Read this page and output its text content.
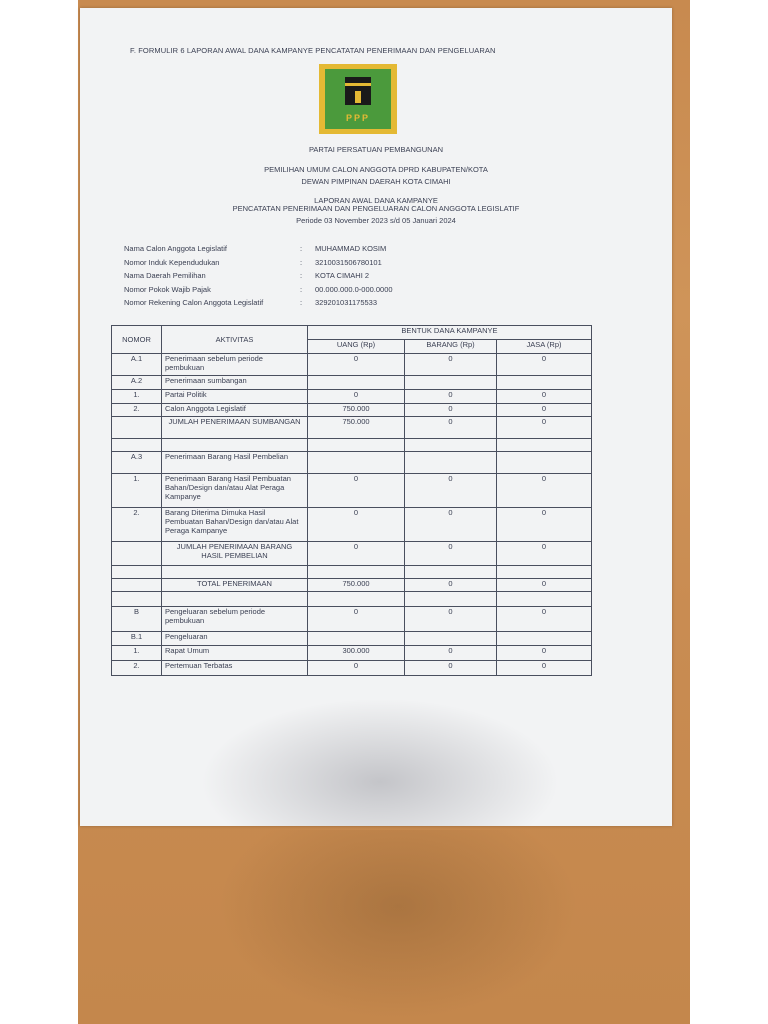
F. FORMULIR 6 LAPORAN AWAL DANA KAMPANYE PENCATATAN PENERIMAAN DAN PENGELUARAN
PPP
PARTAI PERSATUAN PEMBANGUNAN
PEMILIHAN UMUM CALON ANGGOTA DPRD KABUPATEN/KOTA
DEWAN PIMPINAN DAERAH KOTA CIMAHI
LAPORAN AWAL DANA KAMPANYE
PENCATATAN PENERIMAAN DAN PENGELUARAN CALON ANGGOTA LEGISLATIF
Periode 03 November 2023 s/d 05 Januari 2024
Nama Calon Anggota Legislatif	: MUHAMMAD KOSIM
Nomor Induk Kependudukan	: 3210031506780101
Nama Daerah Pemilihan	: KOTA CIMAHI 2
Nomor Pokok Wajib Pajak	: 00.000.000.0-000.0000
Nomor Rekening Calon Anggota Legislatif	: 329201031175533
NOMOR	AKTIVITAS	BENTUK DANA KAMPANYE		
		UANG (Rp)	BARANG (Rp)	JASA (Rp)
A.1	Penerimaan sebelum periode pembukuan	0	0	0
A.2	Penerimaan sumbangan			
1.	Partai Politik	0	0	0
2.	Calon Anggota Legislatif	750.000	0	0
	JUMLAH PENERIMAAN SUMBANGAN	750.000	0	0

A.3	Penerimaan Barang Hasil Pembelian			
1.	Penerimaan Barang Hasil Pembuatan Bahan/Design dan/atau Alat Peraga Kampanye	0	0	0
2.	Barang Diterima Dimuka Hasil Pembuatan Bahan/Design dan/atau Alat Peraga Kampanye	0	0	0
	JUMLAH PENERIMAAN BARANG HASIL PEMBELIAN	0	0	0

	TOTAL PENERIMAAN	750.000	0	0

B	Pengeluaran sebelum periode pembukuan	0	0	0
B.1	Pengeluaran			
1.	Rapat Umum	300.000	0	0
2.	Pertemuan Terbatas	0	0	0
